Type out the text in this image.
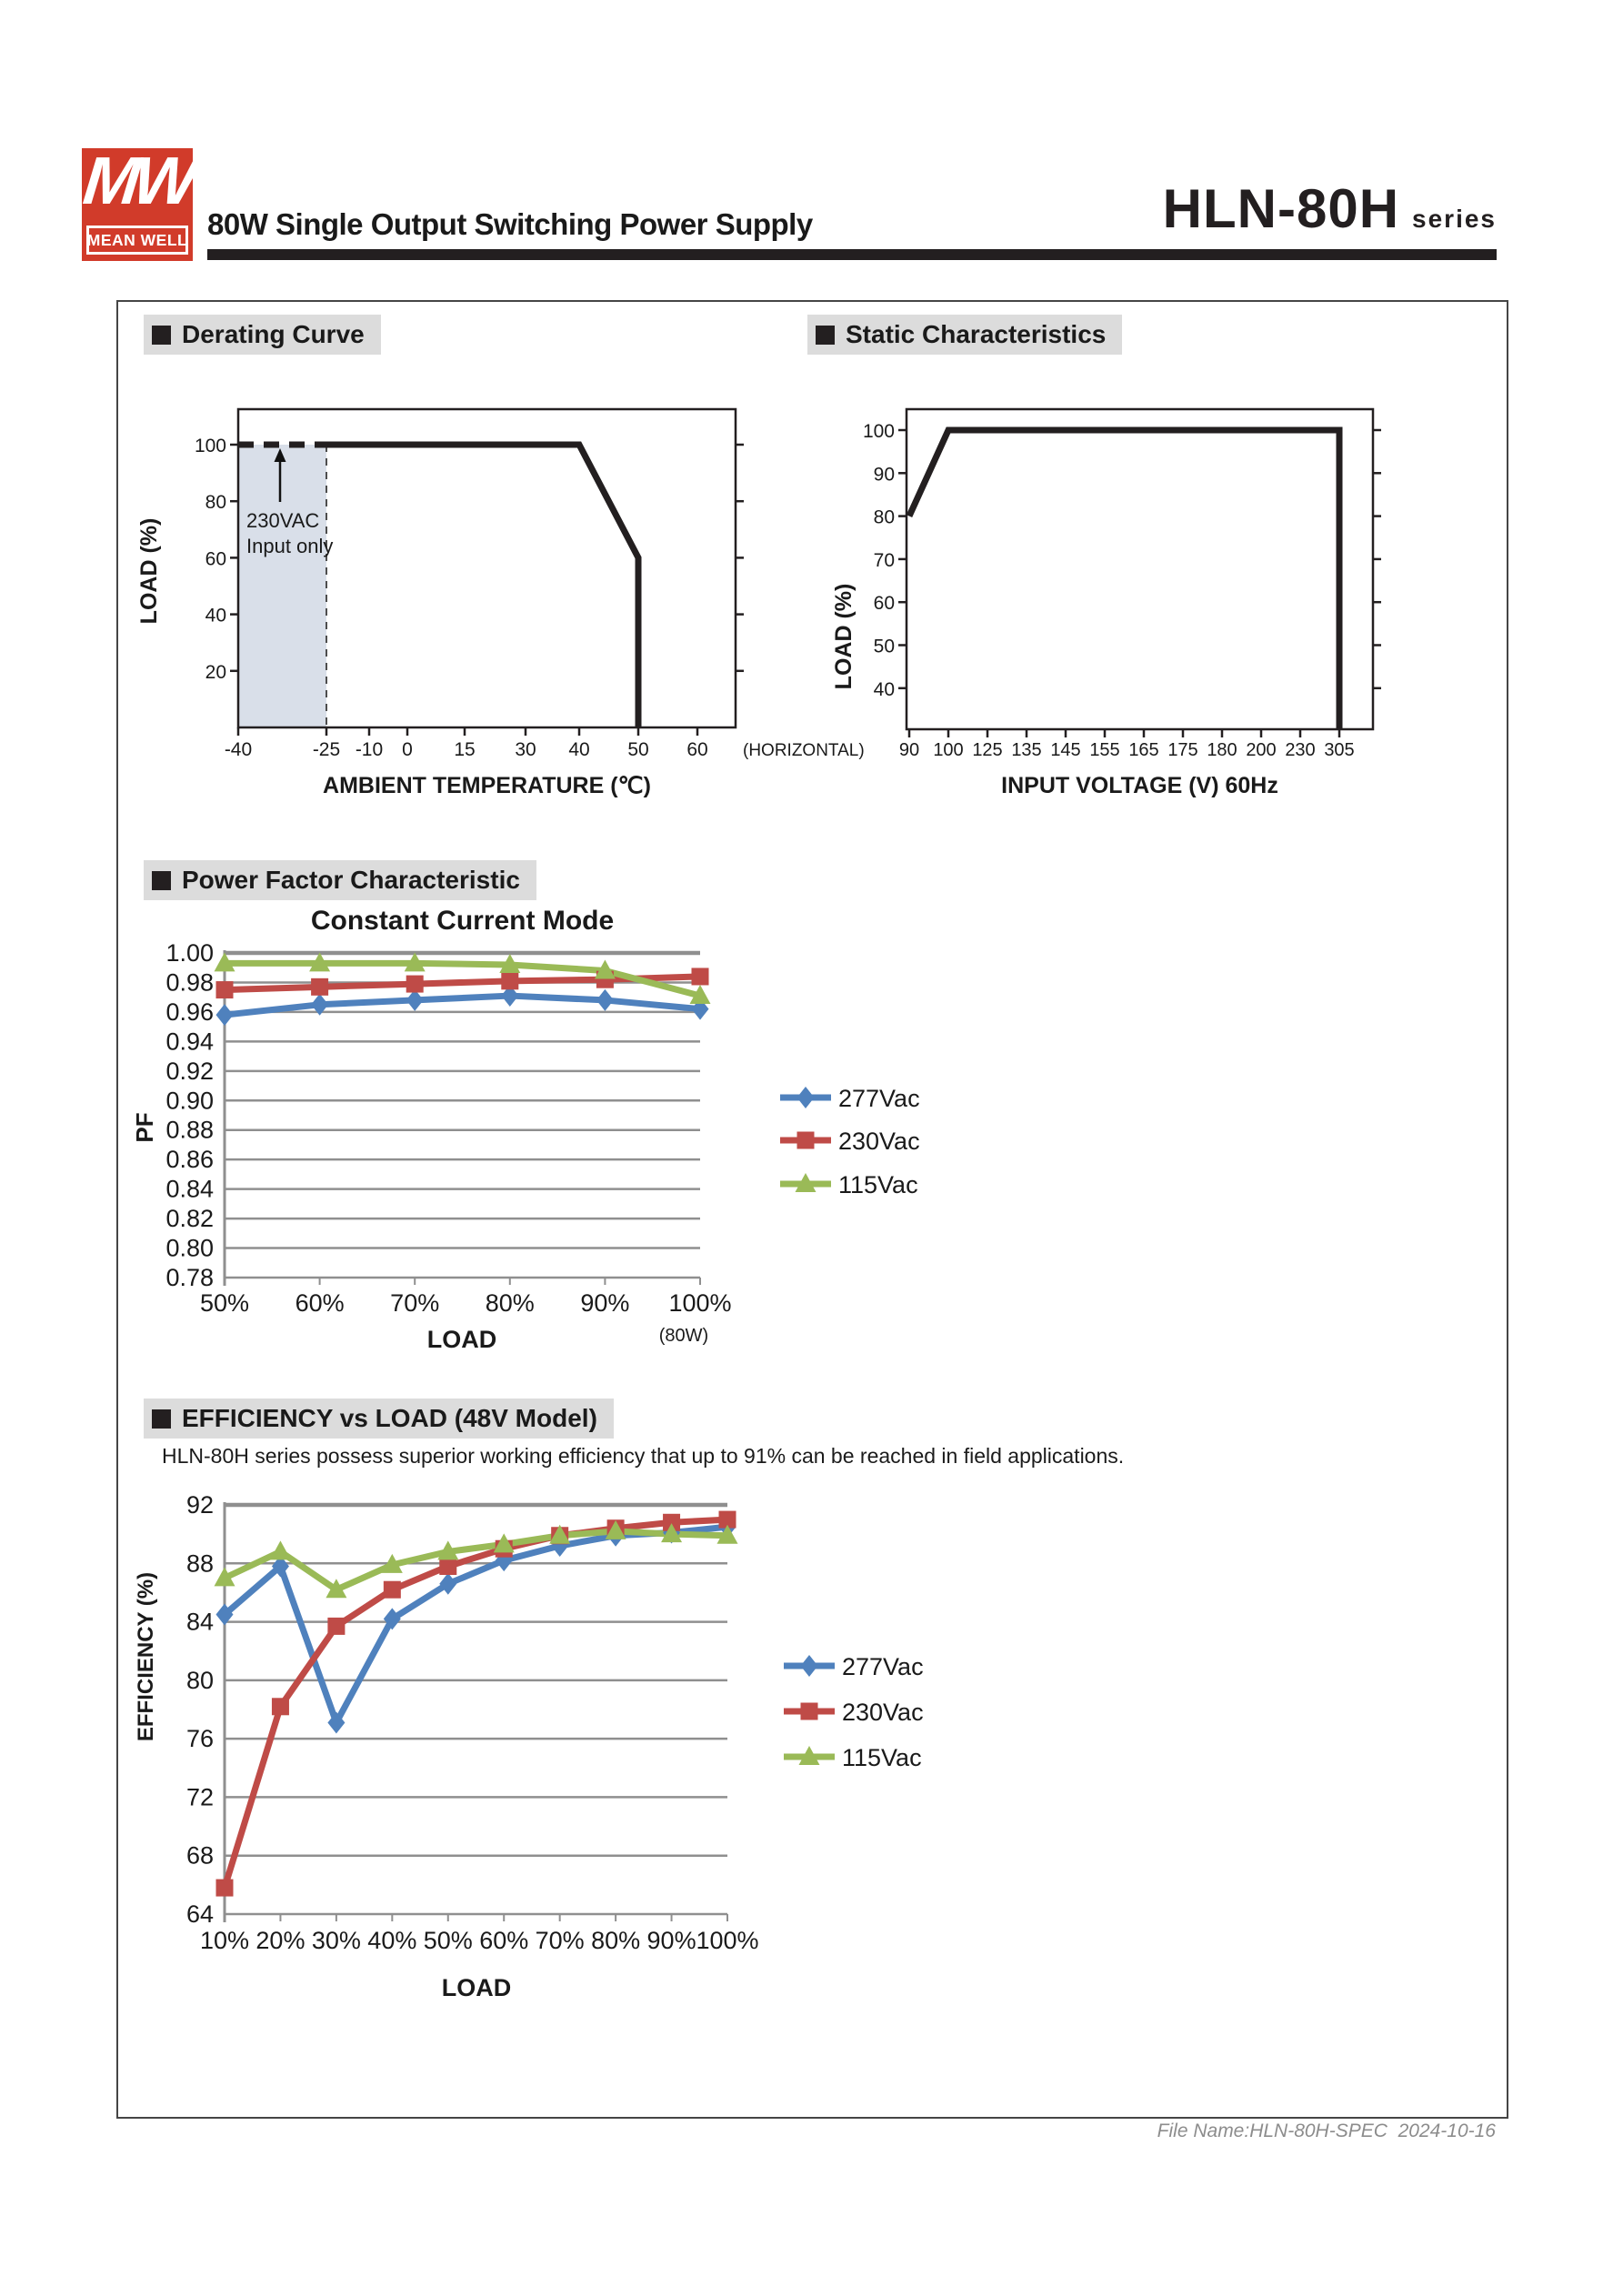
MW
MEAN WELL 80W Single Output Switching Power Supply	HLN-80H series
Derating Curve	Static Characteristics
Power Factor Characteristic
EFFICIENCY vs LOAD (48V Model)
HLN-80H series possess superior working efficiency that up to 91% can be reached in field applications.
20
40
60
80
100
-40	-25 -10 0 15 30 40 50 60 (HORIZONTAL)
230VAC
Input only
AMBIENT TEMPERATURE (℃)
LOAD (%)
40
50
60
70
80
90
100
90 100 125 135 145 155 165 175 180 200 230 305
INPUT VOLTAGE (V) 60Hz
LOAD (%)
1.00
0.98
0.96
0.94
0.92
0.90
0.88
0.86
0.84
0.82
0.80
0.78
50% 60% 70% 80% 90% 100%
277Vac
230Vac
115Vac
Constant Current Mode
LOAD
PF
(80W)
92
88
84
80
76
72
68
64
10% 20% 30% 40% 50% 60% 70% 80% 90% 100%
277Vac
230Vac
115Vac
LOAD
EFFICIENCY (%)
File Name:HLN-80H-SPEC  2024-10-16
